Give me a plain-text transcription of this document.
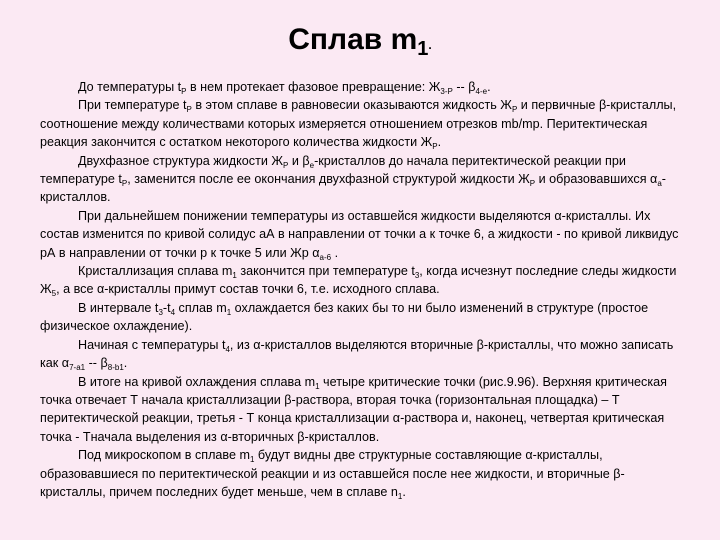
Сплав $m_1$.

До температуры $t_P$ в нем протекает фазовое превращение: $Ж_{3-P} -- \beta_{4-e}$.

При температуре $t_P$ в этом сплаве в равновесии оказываются жидкость $Ж_P$ и первичные β-кристаллы, соотношение между количествами которых измеряется отношением отрезков mb/mp. Перитектическая реакция закончится с остатком некоторого количества жидкости $Ж_P$.

Двухфазное структура жидкости $Ж_P$ и $\beta_e$-кристаллов до начала перитектической реакции при температуре $t_P$, заменится после ее окончания двухфазной структурой жидкости $Ж_P$ и образовавшихся $\alpha_a$-кристаллов.

При дальнейшем понижении температуры из оставшейся жидкости выделяются α-кристаллы. Их состав изменится по кривой солидус аА в направлении от точки а к точке 6, а жидкости - по кривой ликвидус рА в направлении от точки р к точке 5 или Жр $\alpha_{a-6}$ .

Кристаллизация сплава $m_1$ закончится при температуре $t_3$, когда исчезнут последние следы жидкости $Ж_5$, а все α-кристаллы примут состав точки 6, т.е. исходного сплава.

В интервале $t_3-t_4$ сплав $m_1$ охлаждается без каких бы то ни было изменений в структуре (простое физическое охлаждение).

Начиная с температуры $t_4$, из α-кристаллов выделяются вторичные β-кристаллы, что можно записать как $\alpha_{7-a1} -- \beta_{8-b1}$.

В итоге на кривой охлаждения сплава $m_1$ четыре критические точки (рис.9.96). Верхняя критическая точка отвечает Т начала кристаллизации β-раствора, вторая точка (горизонтальная площадка) – Т перитектической реакции, третья - Т конца кристаллизации α-раствора и, наконец, четвертая критическая точка - Тначала выделения из α-вторичных β-кристаллов.

Под микроскопом в сплаве $m_1$ будут видны две структурные составляющие α-кристаллы, образовавшиеся по перитектической реакции и из оставшейся после нее жидкости, и вторичные β-кристаллы, причем последних будет меньше, чем в сплаве $n_1$.
